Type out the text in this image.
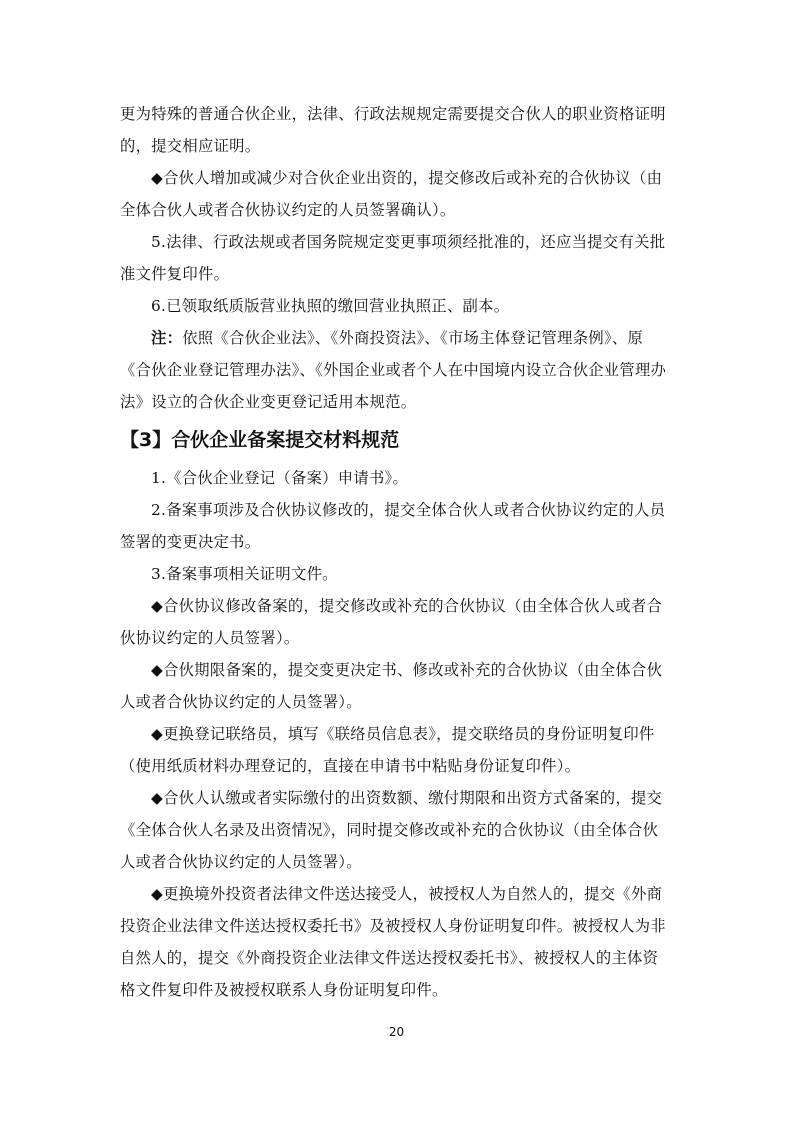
更为特殊的普通合伙企业，法律、行政法规规定需要提交合伙人的职业资格证明的，提交相应证明。

◆合伙人增加或减少对合伙企业出资的，提交修改后或补充的合伙协议（由全体合伙人或者合伙协议约定的人员签署确认）。

5.法律、行政法规或者国务院规定变更事项须经批准的，还应当提交有关批准文件复印件。

6.已领取纸质版营业执照的缴回营业执照正、副本。

注：依照《合伙企业法》、《外商投资法》、《市场主体登记管理条例》、原《合伙企业登记管理办法》、《外国企业或者个人在中国境内设立合伙企业管理办法》设立的合伙企业变更登记适用本规范。

【3】合伙企业备案提交材料规范

1.《合伙企业登记（备案）申请书》。

2.备案事项涉及合伙协议修改的，提交全体合伙人或者合伙协议约定的人员签署的变更决定书。

3.备案事项相关证明文件。

◆合伙协议修改备案的，提交修改或补充的合伙协议（由全体合伙人或者合伙协议约定的人员签署）。

◆合伙期限备案的，提交变更决定书、修改或补充的合伙协议（由全体合伙人或者合伙协议约定的人员签署）。

◆更换登记联络员，填写《联络员信息表》，提交联络员的身份证明复印件（使用纸质材料办理登记的，直接在申请书中粘贴身份证复印件）。

◆合伙人认缴或者实际缴付的出资数额、缴付期限和出资方式备案的，提交《全体合伙人名录及出资情况》，同时提交修改或补充的合伙协议（由全体合伙人或者合伙协议约定的人员签署）。

◆更换境外投资者法律文件送达接受人，被授权人为自然人的，提交《外商投资企业法律文件送达授权委托书》及被授权人身份证明复印件。被授权人为非自然人的，提交《外商投资企业法律文件送达授权委托书》、被授权人的主体资格文件复印件及被授权联系人身份证明复印件。

20
